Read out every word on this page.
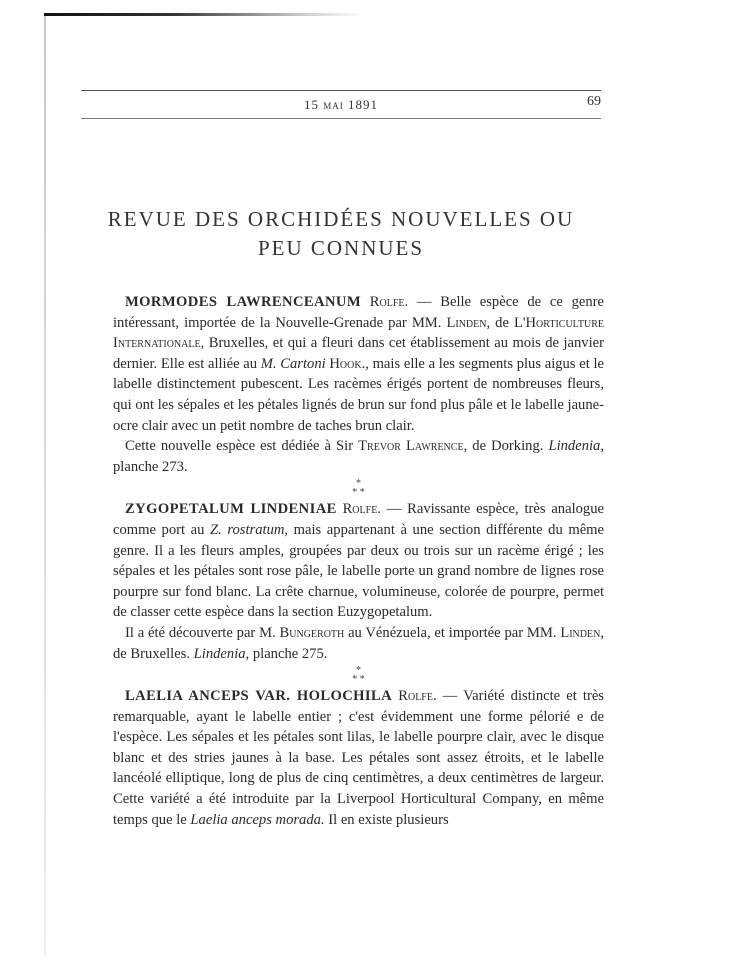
15 mai 1891	69
REVUE DES ORCHIDÉES NOUVELLES OU
PEU CONNUES

MORMODES LAWRENCEANUM Rolfe. — Belle espèce de ce genre intéressant, importée de la Nouvelle-Grenade par MM. Linden, de L'Horticulture Internationale, Bruxelles, et qui a fleuri dans cet établissement au mois de janvier dernier. Elle est alliée au M. Cartoni Hook., mais elle a les segments plus aigus et le labelle distinctement pubescent. Les racèmes érigés portent de nombreuses fleurs, qui ont les sépales et les pétales lignés de brun sur fond plus pâle et le labelle jaune-ocre clair avec un petit nombre de taches brun clair.

Cette nouvelle espèce est dédiée à Sir Trevor Lawrence, de Dorking. Lindenia, planche 273.

*
* *

ZYGOPETALUM LINDENIAE Rolfe. — Ravissante espèce, très analogue comme port au Z. rostratum, mais appartenant à une section différente du même genre. Il a les fleurs amples, groupées par deux ou trois sur un racème érigé ; les sépales et les pétales sont rose pâle, le labelle porte un grand nombre de lignes rose pourpre sur fond blanc. La crête charnue, volumineuse, colorée de pourpre, permet de classer cette espèce dans la section Euzygopetalum.

Il a été découverte par M. Bungeroth au Vénézuela, et importée par MM. Linden, de Bruxelles. Lindenia, planche 275.

*
* *

LAELIA ANCEPS VAR. HOLOCHILA Rolfe. — Variété distincte et très remarquable, ayant le labelle entier ; c'est évidemment une forme pélorié e de l'espèce. Les sépales et les pétales sont lilas, le labelle pourpre clair, avec le disque blanc et des stries jaunes à la base. Les pétales sont assez étroits, et le labelle lancéolé elliptique, long de plus de cinq centimètres, a deux centimètres de largeur. Cette variété a été introduite par la Liverpool Horticultural Company, en même temps que le Laelia anceps morada. Il en existe plusieurs
